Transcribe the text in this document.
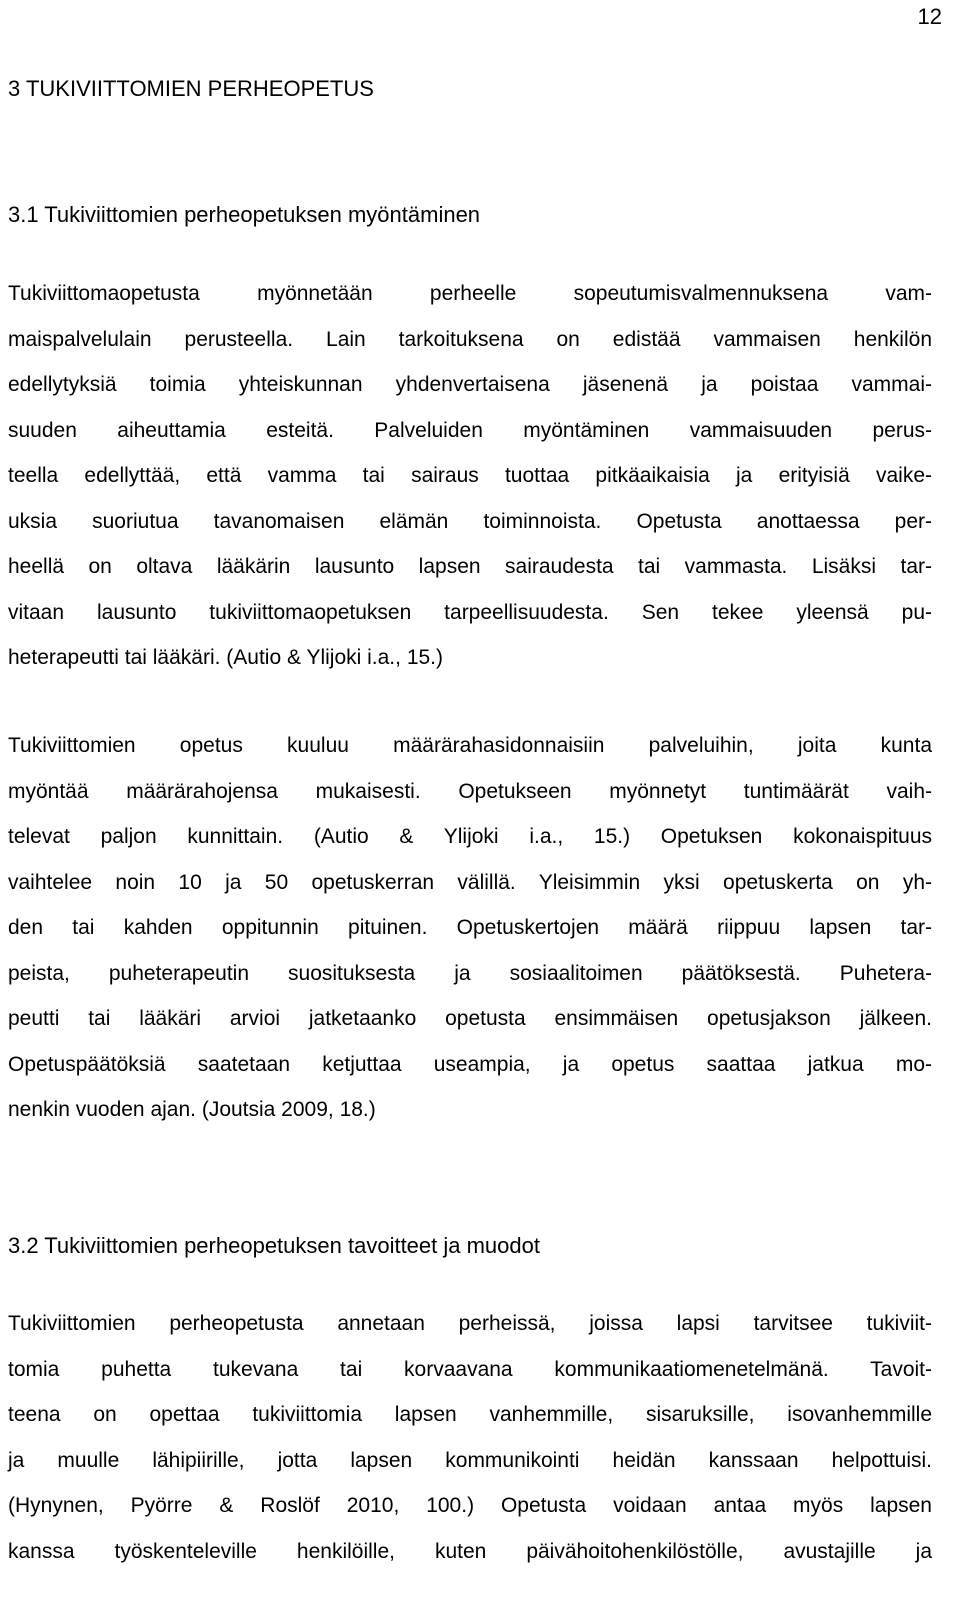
12
3 TUKIVIITTOMIEN PERHEOPETUS
3.1 Tukiviittomien perheopetuksen myöntäminen
Tukiviittomaopetusta myönnetään perheelle sopeutumisvalmennuksena vam-
maispalvelulain perusteella. Lain tarkoituksena on edistää vammaisen henkilön
edellytyksiä toimia yhteiskunnan yhdenvertaisena jäsenenä ja poistaa vammai-
suuden aiheuttamia esteitä. Palveluiden myöntäminen vammaisuuden perus-
teella edellyttää, että vamma tai sairaus tuottaa pitkäaikaisia ja erityisiä vaike-
uksia suoriutua tavanomaisen elämän toiminnoista. Opetusta anottaessa per-
heellä on oltava lääkärin lausunto lapsen sairaudesta tai vammasta. Lisäksi tar-
vitaan lausunto tukiviittomaopetuksen tarpeellisuudesta. Sen tekee yleensä pu-
heterapeutti tai lääkäri. (Autio & Ylijoki i.a., 15.)
Tukiviittomien opetus kuuluu määrärahasidonnaisiin palveluihin, joita kunta
myöntää määrärahojensa mukaisesti. Opetukseen myönnetyt tuntimäärät vaih-
televat paljon kunnittain. (Autio & Ylijoki i.a., 15.) Opetuksen kokonaispituus
vaihtelee noin 10 ja 50 opetuskerran välillä. Yleisimmin yksi opetuskerta on yh-
den tai kahden oppitunnin pituinen. Opetuskertojen määrä riippuu lapsen tar-
peista, puheterapeutin suosituksesta ja sosiaalitoimen päätöksestä. Puhetera-
peutti tai lääkäri arvioi jatketaanko opetusta ensimmäisen opetusjakson jälkeen.
Opetuspäätöksiä saatetaan ketjuttaa useampia, ja opetus saattaa jatkua mo-
nenkin vuoden ajan. (Joutsia 2009, 18.)
3.2 Tukiviittomien perheopetuksen tavoitteet ja muodot
Tukiviittomien perheopetusta annetaan perheissä, joissa lapsi tarvitsee tukiviit-
tomia puhetta tukevana tai korvaavana kommunikaatiomenetelmänä. Tavoit-
teena on opettaa tukiviittomia lapsen vanhemmille, sisaruksille, isovanhemmille
ja muulle lähipiirille, jotta lapsen kommunikointi heidän kanssaan helpottuisi.
(Hynynen, Pyörre & Roslöf 2010, 100.) Opetusta voidaan antaa myös lapsen
kanssa työskenteleville henkilöille, kuten päivähoitohenkilöstölle, avustajille ja
